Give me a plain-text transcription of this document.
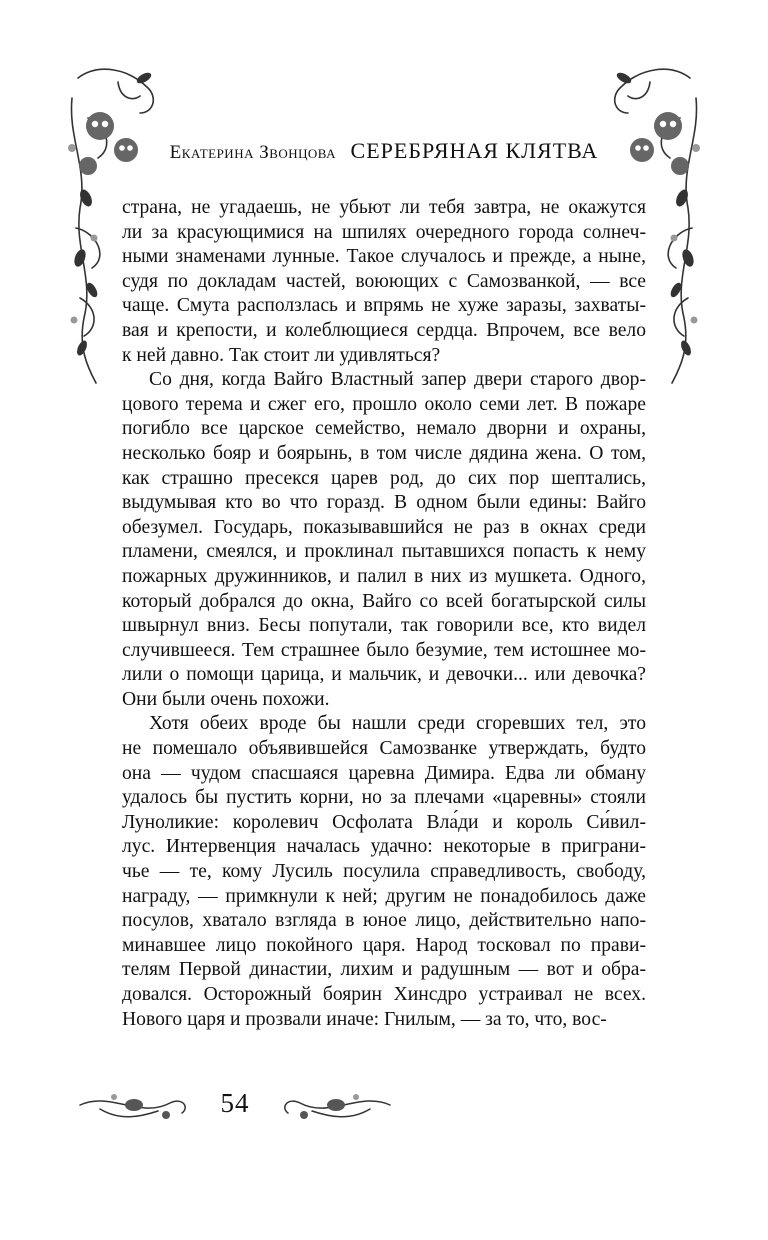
Екатерина Звонцова СЕРЕБРЯНАЯ КЛЯТВА
страна, не угадаешь, не убьют ли тебя завтра, не окажутся
ли за красующимися на шпилях очередного города солнеч-
ными знаменами лунные. Такое случалось и прежде, а ныне,
судя по докладам частей, воюющих с Самозванкой, — все
чаще. Смута расползлась и впрямь не хуже заразы, захваты-
вая и крепости, и колеблющиеся сердца. Впрочем, все вело
к ней давно. Так стоит ли удивляться?
Со дня, когда Вайго Властный запер двери старого двор-
цового терема и сжег его, прошло около семи лет. В пожаре
погибло все царское семейство, немало дворни и охраны,
несколько бояр и боярынь, в том числе дядина жена. О том,
как страшно пресекся царев род, до сих пор шептались,
выдумывая кто во что горазд. В одном были едины: Вайго
обезумел. Государь, показывавшийся не раз в окнах среди
пламени, смеялся, и проклинал пытавшихся попасть к нему
пожарных дружинников, и палил в них из мушкета. Одного,
который добрался до окна, Вайго со всей богатырской силы
швырнул вниз. Бесы попутали, так говорили все, кто видел
случившееся. Тем страшнее было безумие, тем истошнее мо-
лили о помощи царица, и мальчик, и девочки... или девочка?
Они были очень похожи.
Хотя обеих вроде бы нашли среди сгоревших тел, это
не помешало объявившейся Самозванке утверждать, будто
она — чудом спасшаяся царевна Димира. Едва ли обману
удалось бы пустить корни, но за плечами «царевны» стояли
Луноликие: королевич Осфолата Вла́ди и король Си́вил-
лус. Интервенция началась удачно: некоторые в приграни-
чье — те, кому Лусиль посулила справедливость, свободу,
награду, — примкнули к ней; другим не понадобилось даже
посулов, хватало взгляда в юное лицо, действительно напо-
минавшее лицо покойного царя. Народ тосковал по прави-
телям Первой династии, лихим и радушным — вот и обра-
довался. Осторожный боярин Хинсдро устраивал не всех.
Нового царя и прозвали иначе: Гнилым, — за то, что, вос-
54
